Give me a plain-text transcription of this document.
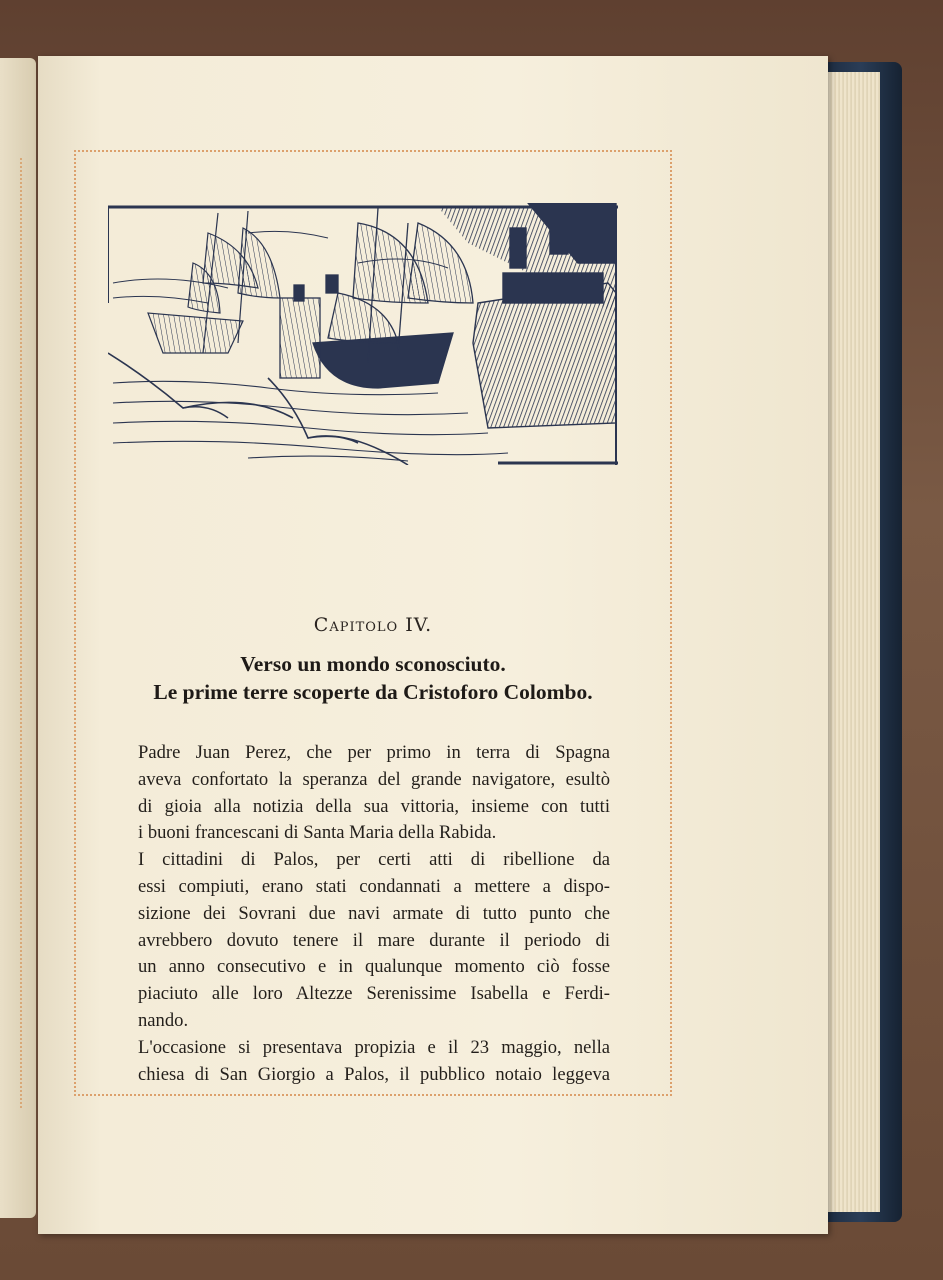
Capitolo IV.
Verso un mondo sconosciuto.
Le prime terre scoperte da Cristoforo Colombo.
Padre Juan Perez, che per primo in terra di Spagna
aveva confortato la speranza del grande navigatore, esultò
di gioia alla notizia della sua vittoria, insieme con tutti
i buoni francescani di Santa Maria della Rabida.
I cittadini di Palos, per certi atti di ribellione da
essi compiuti, erano stati condannati a mettere a dispo-
sizione dei Sovrani due navi armate di tutto punto che
avrebbero dovuto tenere il mare durante il periodo di
un anno consecutivo e in qualunque momento ciò fosse
piaciuto alle loro Altezze Serenissime Isabella e Ferdi-
nando.
L'occasione si presentava propizia e il 23 maggio, nella
chiesa di San Giorgio a Palos, il pubblico notaio leggeva
